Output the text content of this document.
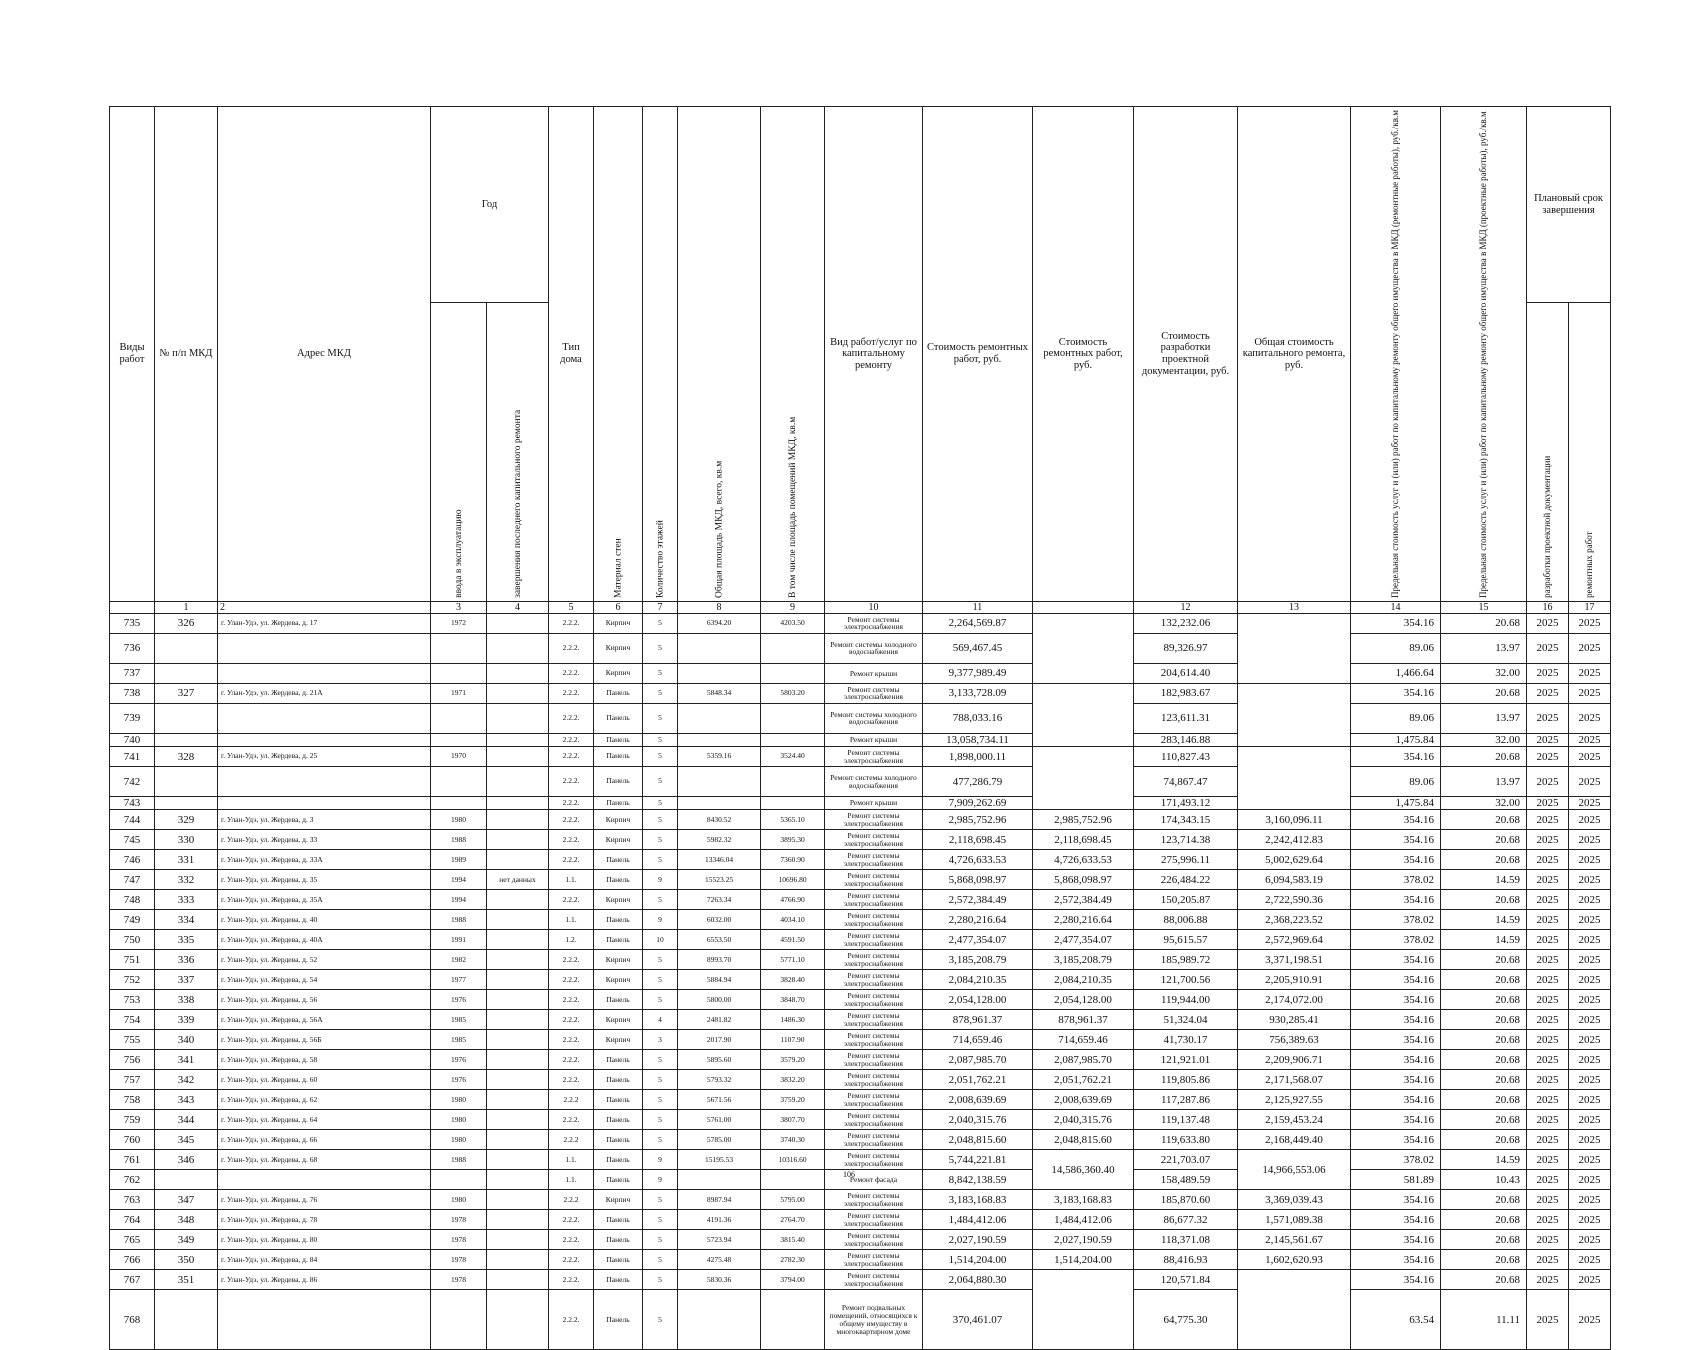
Виды работ	№ п/п МКД	Адрес МКД	Год		Тип дома	Материал стен	Количество этажей	Общая площадь МКД, всего, кв.м	В том числе площадь помещений МКД, кв.м	Вид работ/услуг по капитальному ремонту	Стоимость ремонтных работ, руб.	Стоимость ремонтных работ, руб.	Стоимость разработки проектной документации, руб.	Общая стоимость капитального ремонта, руб.	Предельная стоимость услуг и (или) работ по капитальному ремонту общего имущества в МКД (ремонтные работы), руб./кв.м	Предельная стоимость услуг и (или) работ по капитальному ремонту общего имущества в МКД (проектные работы), руб./кв.м	Плановый срок завершения	
			ввода в эксплуатацию	завершения последнего капитального ремонта													разработки проектной документации	ремонтных работ
	1	2	3	4	5	6	7	8	9	10	11		12	13	14	15	16	17
735	326	г. Улан-Удэ, ул. Жердева, д. 17	1972		2.2.2.	Кирпич	5	6394.20	4203.50	Ремонт системы электроснабжения	2,264,569.87		132,232.06		354.16	20.68	2025	2025
736					2.2.2.	Кирпич	5			Ремонт системы холодного водоснабжения	569,467.45		89,326.97		89.06	13.97	2025	2025
737					2.2.2.	Кирпич	5			Ремонт крыши	9,377,989.49		204,614.40		1,466.64	32.00	2025	2025
738	327	г. Улан-Удэ, ул. Жердева, д. 21А	1971		2.2.2.	Панель	5	5848.34	5803.20	Ремонт системы электроснабжения	3,133,728.09		182,983.67		354.16	20.68	2025	2025
739					2.2.2.	Панель	5			Ремонт системы холодного водоснабжения	788,033.16		123,611.31		89.06	13.97	2025	2025
740					2.2.2.	Панель	5			Ремонт крыши	13,058,734.11		283,146.88		1,475.84	32.00	2025	2025
741	328	г. Улан-Удэ, ул. Жердева, д. 25	1970		2.2.2.	Панель	5	5359.16	3524.40	Ремонт системы электроснабжения	1,898,000.11		110,827.43		354.16	20.68	2025	2025
742					2.2.2.	Панель	5			Ремонт системы холодного водоснабжения	477,286.79		74,867.47		89.06	13.97	2025	2025
743					2.2.2.	Панель	5			Ремонт крыши	7,909,262.69		171,493.12		1,475.84	32.00	2025	2025
744	329	г. Улан-Удэ, ул. Жердева, д. 3	1980		2.2.2.	Кирпич	5	8430.52	5365.10	Ремонт системы электроснабжения	2,985,752.96	2,985,752.96	174,343.15	3,160,096.11	354.16	20.68	2025	2025
745	330	г. Улан-Удэ, ул. Жердева, д. 33	1988		2.2.2.	Кирпич	5	5982.32	3895.30	Ремонт системы электроснабжения	2,118,698.45	2,118,698.45	123,714.38	2,242,412.83	354.16	20.68	2025	2025
746	331	г. Улан-Удэ, ул. Жердева, д. 33А	1989		2.2.2.	Панель	5	13346.04	7360.90	Ремонт системы электроснабжения	4,726,633.53	4,726,633.53	275,996.11	5,002,629.64	354.16	20.68	2025	2025
747	332	г. Улан-Удэ, ул. Жердева, д. 35	1994	нет данных	1.1.	Панель	9	15523.25	10696.80	Ремонт системы электроснабжения	5,868,098.97	5,868,098.97	226,484.22	6,094,583.19	378.02	14.59	2025	2025
748	333	г. Улан-Удэ, ул. Жердева, д. 35А	1994		2.2.2.	Кирпич	5	7263.34	4766.90	Ремонт системы электроснабжения	2,572,384.49	2,572,384.49	150,205.87	2,722,590.36	354.16	20.68	2025	2025
749	334	г. Улан-Удэ, ул. Жердева, д. 40	1988		1.1.	Панель	9	6032.00	4034.10	Ремонт системы электроснабжения	2,280,216.64	2,280,216.64	88,006.88	2,368,223.52	378.02	14.59	2025	2025
750	335	г. Улан-Удэ, ул. Жердева, д. 40А	1991		1.2.	Панель	10	6553.50	4591.50	Ремонт системы электроснабжения	2,477,354.07	2,477,354.07	95,615.57	2,572,969.64	378.02	14.59	2025	2025
751	336	г. Улан-Удэ, ул. Жердева, д. 52	1982		2.2.2.	Кирпич	5	8993.70	5771.10	Ремонт системы электроснабжения	3,185,208.79	3,185,208.79	185,989.72	3,371,198.51	354.16	20.68	2025	2025
752	337	г. Улан-Удэ, ул. Жердева, д. 54	1977		2.2.2.	Кирпич	5	5884.94	3828.40	Ремонт системы электроснабжения	2,084,210.35	2,084,210.35	121,700.56	2,205,910.91	354.16	20.68	2025	2025
753	338	г. Улан-Удэ, ул. Жердева, д. 56	1976		2.2.2.	Панель	5	5800.00	3848.70	Ремонт системы электроснабжения	2,054,128.00	2,054,128.00	119,944.00	2,174,072.00	354.16	20.68	2025	2025
754	339	г. Улан-Удэ, ул. Жердева, д. 56А	1985		2.2.2.	Кирпич	4	2481.82	1486.30	Ремонт системы электроснабжения	878,961.37	878,961.37	51,324.04	930,285.41	354.16	20.68	2025	2025
755	340	г. Улан-Удэ, ул. Жердева, д. 56Б	1985		2.2.2.	Кирпич	3	2017.90	1107.90	Ремонт системы электроснабжения	714,659.46	714,659.46	41,730.17	756,389.63	354.16	20.68	2025	2025
756	341	г. Улан-Удэ, ул. Жердева, д. 58	1976		2.2.2.	Панель	5	5895.60	3579.20	Ремонт системы электроснабжения	2,087,985.70	2,087,985.70	121,921.01	2,209,906.71	354.16	20.68	2025	2025
757	342	г. Улан-Удэ, ул. Жердева, д. 60	1976		2.2.2.	Панель	5	5793.32	3832.20	Ремонт системы электроснабжения	2,051,762.21	2,051,762.21	119,805.86	2,171,568.07	354.16	20.68	2025	2025
758	343	г. Улан-Удэ, ул. Жердева, д. 62	1980		2.2.2	Панель	5	5671.56	3759.20	Ремонт системы электроснабжения	2,008,639.69	2,008,639.69	117,287.86	2,125,927.55	354.16	20.68	2025	2025
759	344	г. Улан-Удэ, ул. Жердева, д. 64	1980		2.2.2.	Панель	5	5761.00	3807.70	Ремонт системы электроснабжения	2,040,315.76	2,040,315.76	119,137.48	2,159,453.24	354.16	20.68	2025	2025
760	345	г. Улан-Удэ, ул. Жердева, д. 66	1980		2.2.2	Панель	5	5785.00	3740.30	Ремонт системы электроснабжения	2,048,815.60	2,048,815.60	119,633.80	2,168,449.40	354.16	20.68	2025	2025
761	346	г. Улан-Удэ, ул. Жердева, д. 68	1988		1.1.	Панель	9	15195.53	10316.60	Ремонт системы электроснабжения	5,744,221.81	14,586,360.40	221,703.07	14,966,553.06	378.02	14.59	2025	2025
762					1.1.	Панель	9			Ремонт фасада	8,842,138.59		158,489.59		581.89	10.43	2025	2025
763	347	г. Улан-Удэ, ул. Жердева, д. 76	1980		2.2.2	Кирпич	5	8987.94	5795.00	Ремонт системы электроснабжения	3,183,168.83	3,183,168.83	185,870.60	3,369,039.43	354.16	20.68	2025	2025
764	348	г. Улан-Удэ, ул. Жердева, д. 78	1978		2.2.2.	Панель	5	4191.36	2764.70	Ремонт системы электроснабжения	1,484,412.06	1,484,412.06	86,677.32	1,571,089.38	354.16	20.68	2025	2025
765	349	г. Улан-Удэ, ул. Жердева, д. 80	1978		2.2.2.	Панель	5	5723.94	3815.40	Ремонт системы электроснабжения	2,027,190.59	2,027,190.59	118,371.08	2,145,561.67	354.16	20.68	2025	2025
766	350	г. Улан-Удэ, ул. Жердева, д. 84	1978		2.2.2.	Панель	5	4275.48	2782.30	Ремонт системы электроснабжения	1,514,204.00	1,514,204.00	88,416.93	1,602,620.93	354.16	20.68	2025	2025
767	351	г. Улан-Удэ, ул. Жердева, д. 86	1978		2.2.2.	Панель	5	5830.36	3794.00	Ремонт системы электроснабжения	2,064,880.30		120,571.84		354.16	20.68	2025	2025
768					2.2.2.	Панель	5			Ремонт подвальных помещений, относящихся к общему имуществу в многоквартирном доме	370,461.07		64,775.30		63.54	11.11	2025	2025
106
